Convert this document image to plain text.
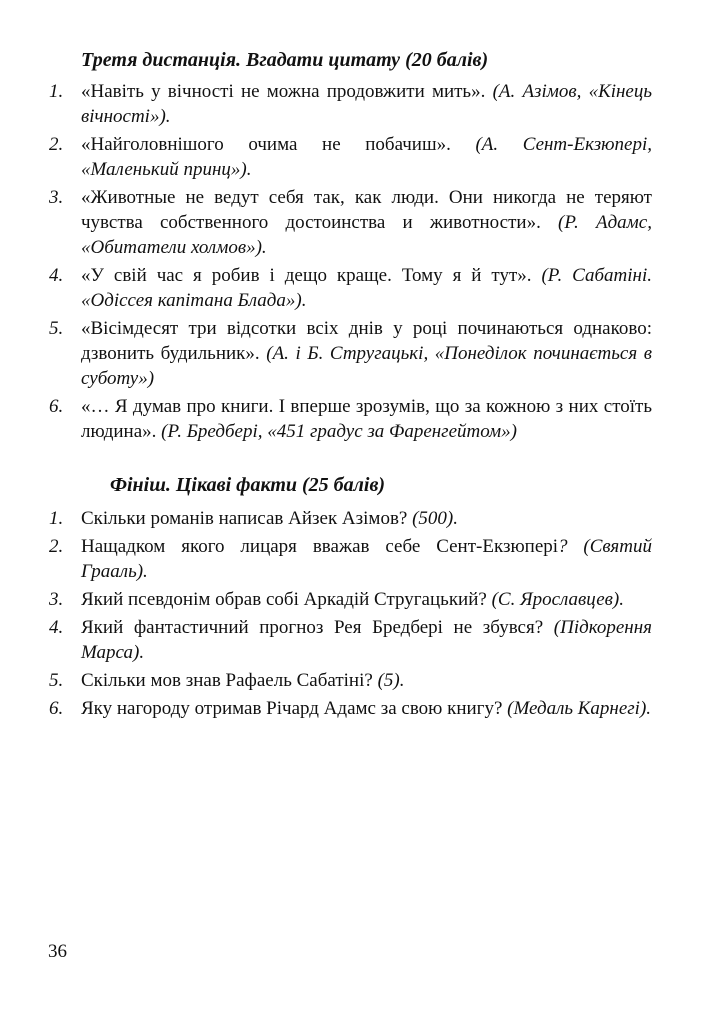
Третя дистанція. Вгадати цитату (20 балів)
1. «Навіть у вічності не можна продовжити мить». (А. Азімов, «Кінець вічності»).
2. «Найголовнішого очима не побачиш». (А. Сент-Екзюпері, «Маленький принц»).
3. «Животные не ведут себя так, как люди. Они никогда не теряют чувства собственного достоинства и животности». (Р. Адамс, «Обитатели холмов»).
4. «У свій час я робив і дещо краще. Тому я й тут». (Р. Сабатіні. «Одіссея капітана Блада»).
5. «Вісімдесят три відсотки всіх днів у році починаються однаково: дзвонить будильник». (А. і Б. Стругацькі, «Понеділок починається в суботу»)
6. «… Я думав про книги. І вперше зрозумів, що за кожною з них стоїть людина». (Р. Бредбері, «451 градус за Фаренгейтом»)
Фініш. Цікаві факти (25 балів)
1. Скільки романів написав Айзек Азімов? (500).
2. Нащадком якого лицаря вважав себе Сент-Екзюпері? (Святий Грааль).
3. Який псевдонім обрав собі Аркадій Стругацький? (С. Ярославцев).
4. Який фантастичний прогноз Рея Бредбері не збувся? (Підкорення Марса).
5. Скільки мов знав Рафаель Сабатіні? (5).
6. Яку нагороду отримав Річард Адамс за свою книгу? (Медаль Карнегі).
36
